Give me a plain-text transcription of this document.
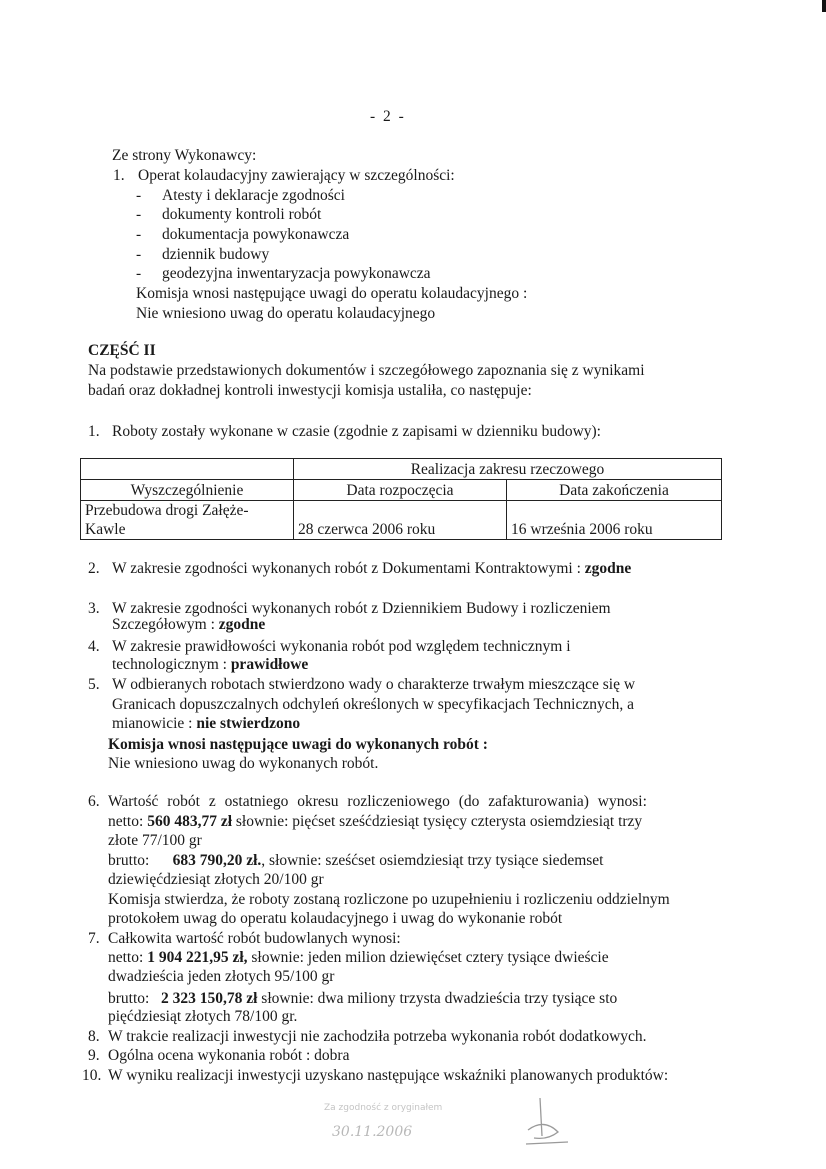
- 2 -
Ze strony Wykonawcy:
1. Operat kolaudacyjny zawierający w szczególności:
- Atesty i deklaracje zgodności
- dokumenty kontroli robót
- dokumentacja powykonawcza
- dziennik budowy
- geodezyjna inwentaryzacja powykonawcza
Komisja wnosi następujące uwagi do operatu kolaudacyjnego :
Nie wniesiono uwag do operatu kolaudacyjnego
CZĘŚĆ II
Na podstawie przedstawionych dokumentów i szczegółowego zapoznania się z wynikami
badań oraz dokładnej kontroli inwestycji komisja ustaliła, co następuje:
1. Roboty zostały wykonane w czasie (zgodnie z zapisami w dzienniku budowy):
	Realizacja zakresu rzeczowego	
Wyszczególnienie	Data rozpoczęcia	Data zakończenia

Przebudowa drogi Załęże-
Kawle	28 czerwca 2006 roku	16 września 2006 roku
2. W zakresie zgodności wykonanych robót z Dokumentami Kontraktowymi : zgodne
3. W zakresie zgodności wykonanych robót z Dziennikiem Budowy i rozliczeniem
Szczegółowym : zgodne
4. W zakresie prawidłowości wykonania robót pod względem technicznym i
technologicznym : prawidłowe
5. W odbieranych robotach stwierdzono wady o charakterze trwałym mieszczące się w
Granicach dopuszczalnych odchyleń określonych w specyfikacjach Technicznych, a
mianowicie : nie stwierdzono
Komisja wnosi następujące uwagi do wykonanych robót :
Nie wniesiono uwag do wykonanych robót.
6. Wartość robót z ostatniego okresu rozliczeniowego (do zafakturowania) wynosi:
netto: 560 483,77 zł słownie: pięćset sześćdziesiąt tysięcy czterysta osiemdziesiąt trzy
złote 77/100 gr
brutto: 683 790,20 zł., słownie: sześćset osiemdziesiąt trzy tysiące siedemset
dziewięćdziesiąt złotych 20/100 gr
Komisja stwierdza, że roboty zostaną rozliczone po uzupełnieniu i rozliczeniu oddzielnym
protokołem uwag do operatu kolaudacyjnego i uwag do wykonanie robót
7. Całkowita wartość robót budowlanych wynosi:
netto: 1 904 221,95 zł, słownie: jeden milion dziewięćset cztery tysiące dwieście
dwadzieścia jeden złotych 95/100 gr
brutto: 2 323 150,78 zł słownie: dwa miliony trzysta dwadzieścia trzy tysiące sto
pięćdziesiąt złotych 78/100 gr.
8. W trakcie realizacji inwestycji nie zachodziła potrzeba wykonania robót dodatkowych.
9. Ogólna ocena wykonania robót : dobra
10. W wyniku realizacji inwestycji uzyskano następujące wskaźniki planowanych produktów:
Za zgodność z oryginałem
30.11.2006
